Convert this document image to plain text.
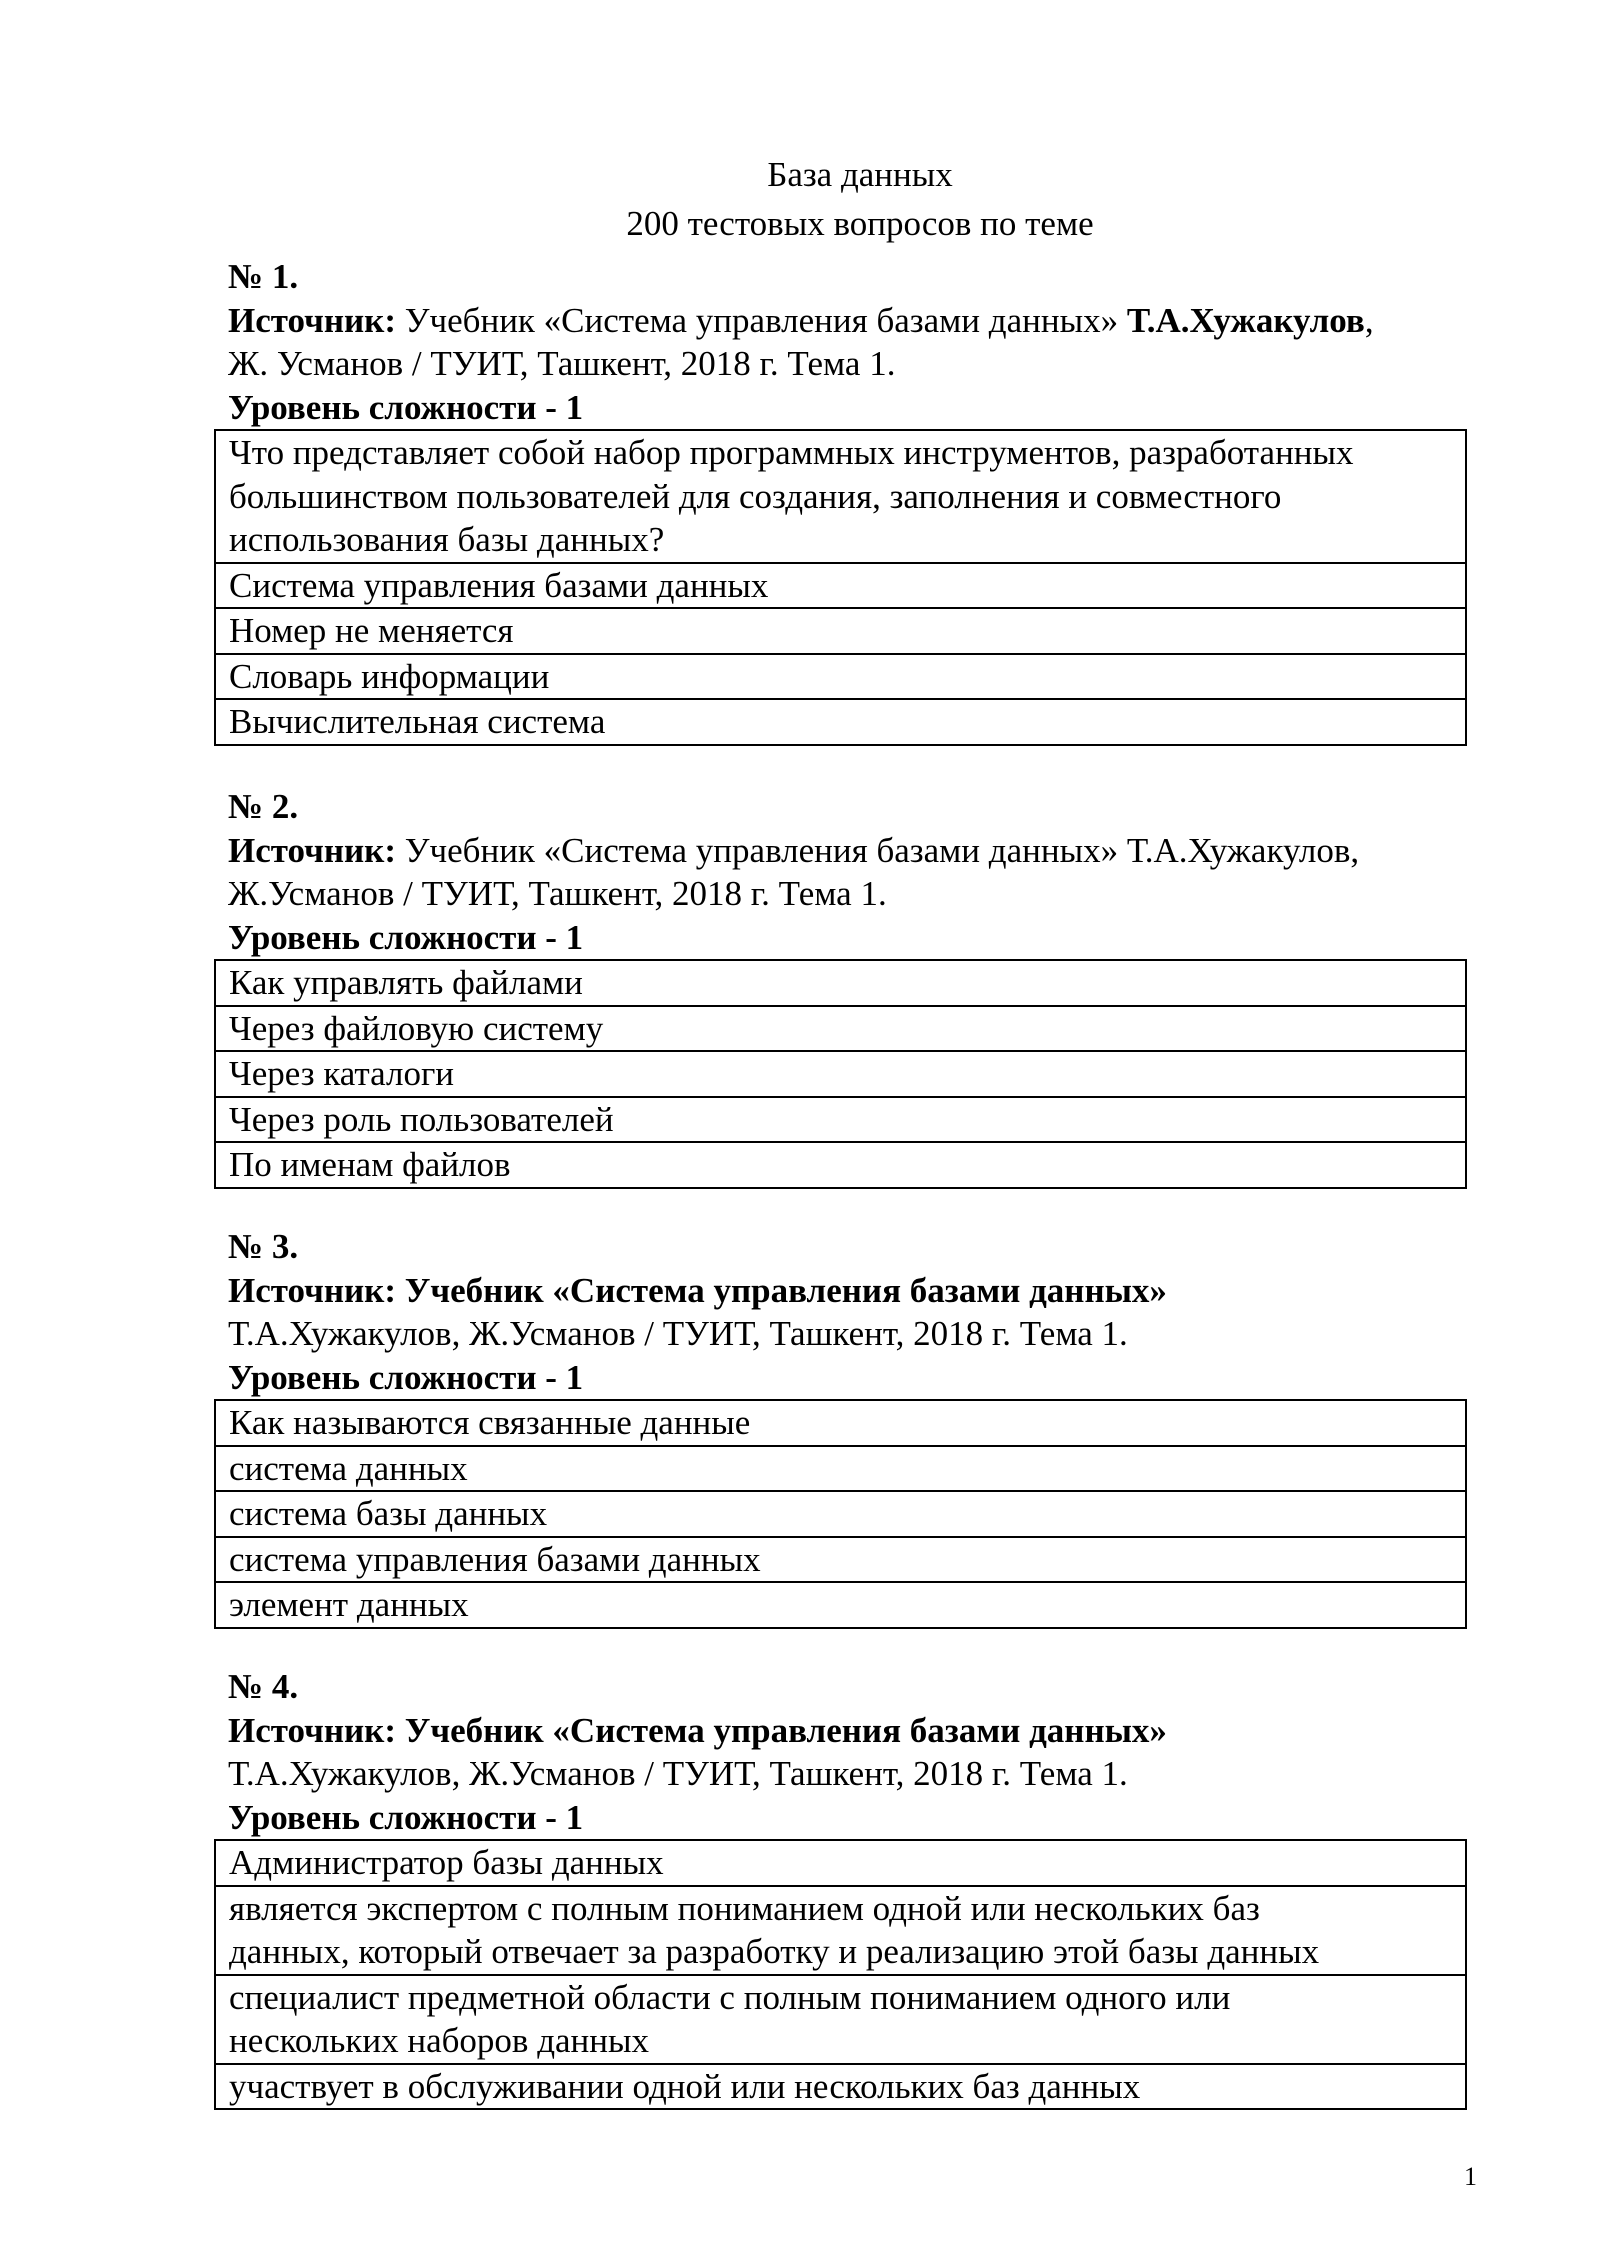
База данных
200 тестовых вопросов по теме
№ 1.
Источник: Учебник «Система управления базами данных» Т.А.Хужакулов,
Ж. Усманов / ТУИТ, Ташкент, 2018 г. Тема 1.
Уровень сложности - 1
Что представляет собой набор программных инструментов, разработанных
большинством пользователей для создания, заполнения и совместного
использования базы данных?
Система управления базами данных
Номер не меняется
Словарь информации
Вычислительная система
№ 2.
Источник: Учебник «Система управления базами данных» Т.А.Хужакулов,
Ж.Усманов / ТУИТ, Ташкент, 2018 г. Тема 1.
Уровень сложности - 1
Как управлять файлами
Через файловую систему
Через каталоги
Через роль пользователей
По именам файлов
№ 3.
Источник: Учебник «Система управления базами данных»
Т.А.Хужакулов, Ж.Усманов / ТУИТ, Ташкент, 2018 г. Тема 1.
Уровень сложности - 1
Как называются связанные данные
система данных
система базы данных
система управления базами данных
элемент данных
№ 4.
Источник: Учебник «Система управления базами данных»
Т.А.Хужакулов, Ж.Усманов / ТУИТ, Ташкент, 2018 г. Тема 1.
Уровень сложности - 1
Администратор базы данных
является экспертом с полным пониманием одной или нескольких баз
данных, который отвечает за разработку и реализацию этой базы данных
специалист предметной области с полным пониманием одного или
нескольких наборов данных
участвует в обслуживании одной или нескольких баз данных
1
